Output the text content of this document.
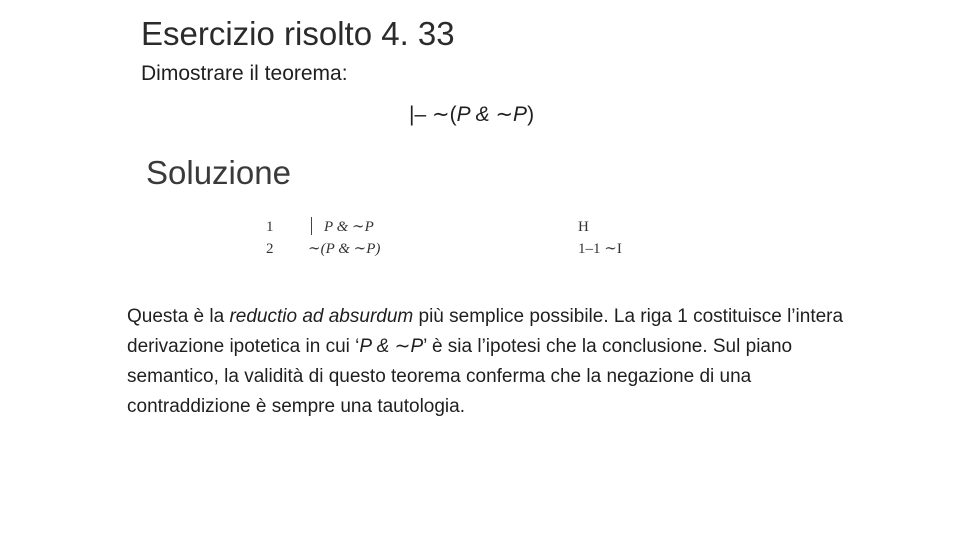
Esercizio risolto 4. 33
Dimostrare il teorema:
|– ∼(P & ∼P)
Soluzione
1	P & ∼P	H
2	∼(P & ∼P)	1–1 ∼I
Questa è la reductio ad absurdum più semplice possibile. La riga 1 costituisce l’intera derivazione ipotetica in cui ‘P & ∼P’ è sia l’ipotesi che la conclusione. Sul piano semantico, la validità di questo teorema conferma che la negazione di una contraddizione è sempre una tautologia.
